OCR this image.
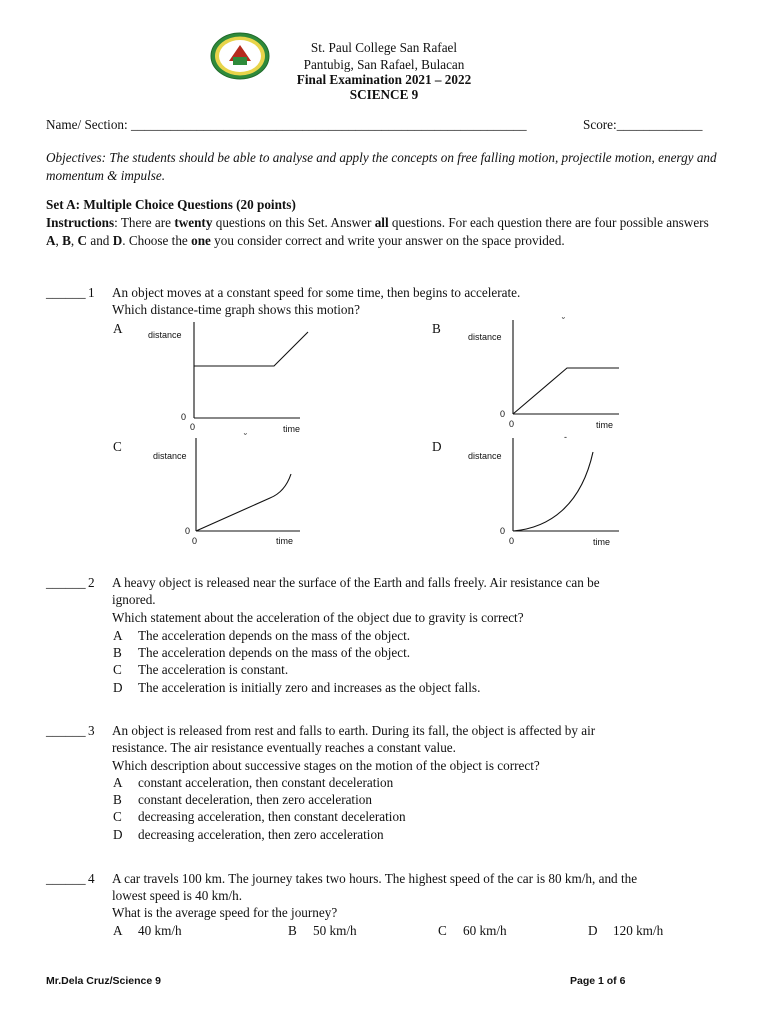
St. Paul College San Rafael
Pantubig, San Rafael, Bulacan
Final Examination 2021 – 2022
SCIENCE 9
Name/ Section: ____________________________________________________________	Score:_____________
Objectives: The students should be able to analyse and apply the concepts on free falling motion, projectile motion, energy and momentum & impulse.
Set A: Multiple Choice Questions (20 points)
Instructions: There are twenty questions on this Set. Answer all questions. For each question there are four possible answers A, B, C and D. Choose the one you consider correct and write your answer on the space provided.
______ 1 An object moves at a constant speed for some time, then begins to accelerate.
Which distance-time graph shows this motion?
A	B
C	D
distance
0
0	time
˘
distance
0
0	time
˘
distance
0
0	time
-
distance
0
0	time
______ 2 A heavy object is released near the surface of the Earth and falls freely. Air resistance can be
ignored.
Which statement about the acceleration of the object due to gravity is correct?
A The acceleration depends on the mass of the object.
B The acceleration depends on the mass of the object.
C The acceleration is constant.
D The acceleration is initially zero and increases as the object falls.
______ 3 An object is released from rest and falls to earth. During its fall, the object is affected by air
resistance. The air resistance eventually reaches a constant value.
Which description about successive stages on the motion of the object is correct?
A constant acceleration, then constant deceleration
B constant deceleration, then zero acceleration
C decreasing acceleration, then constant deceleration
D decreasing acceleration, then zero acceleration
______ 4 A car travels 100 km. The journey takes two hours. The highest speed of the car is 80 km/h, and the
lowest speed is 40 km/h.
What is the average speed for the journey?
A 40 km/h	B 50 km/h	C 60 km/h	D 120 km/h
Mr.Dela Cruz/Science 9	Page 1 of 6
